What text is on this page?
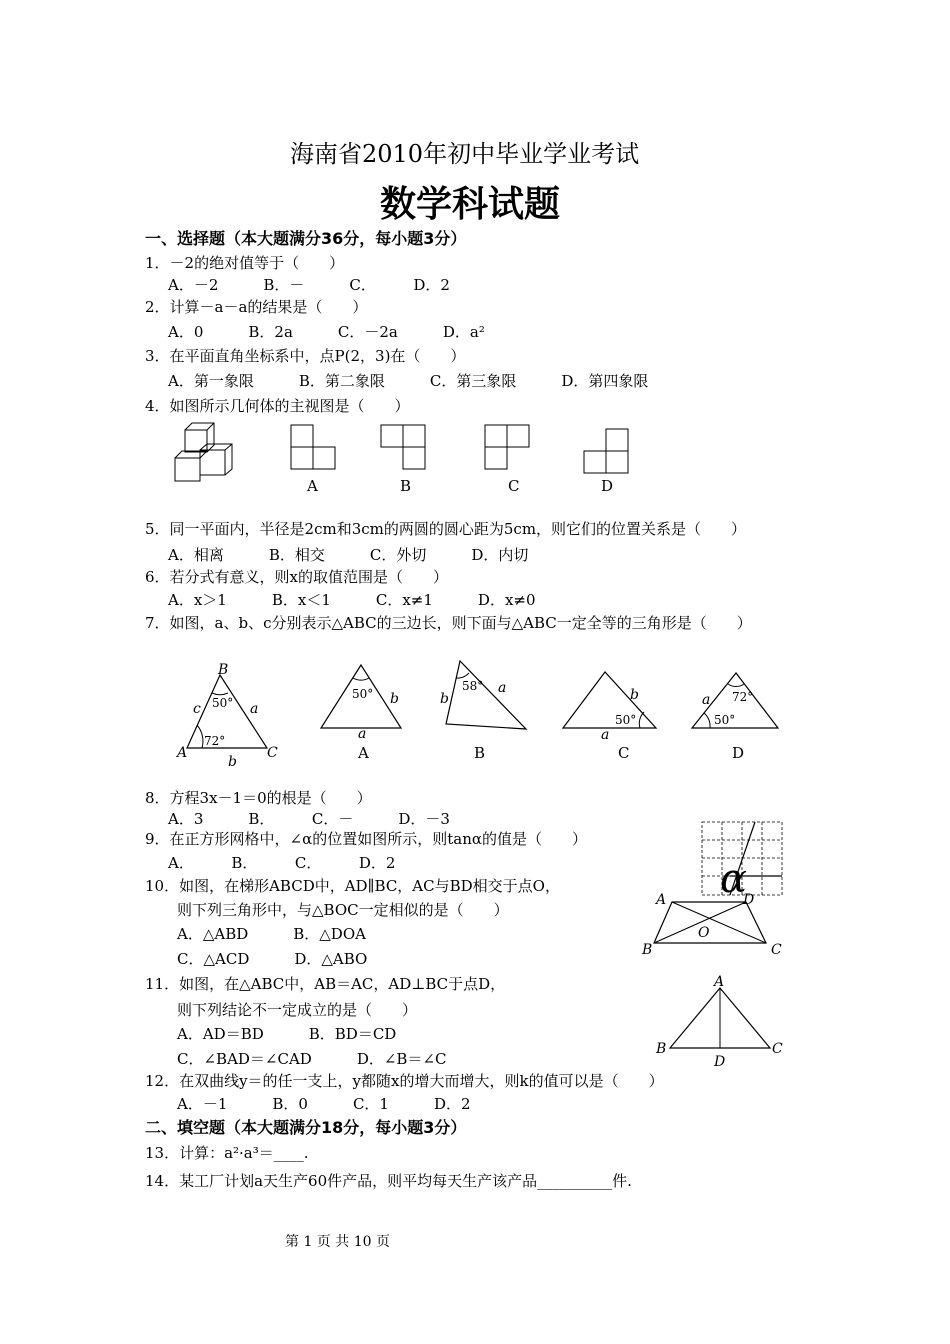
海南省2010年初中毕业学业考试
数学科试题
一、选择题（本大题满分36分，每小题3分）
1．－2的绝对值等于（　　）
A．－2　　　B．－　　　C．　　　D．2
2．计算－a－a的结果是（　　）
A．0　　　B．2a　　　C．－2a　　　D．a²
3．在平面直角坐标系中，点P(2，3)在（　　）
A．第一象限　　　B．第二象限　　　C．第三象限　　　D．第四象限
4．如图所示几何体的主视图是（　　）
A	B	C	D
5．同一平面内，半径是2cm和3cm的两圆的圆心距为5cm，则它们的位置关系是（　　）
A．相离　　　B．相交　　　C．外切　　　D．内切
6．若分式有意义，则x的取值范围是（　　）
A．x＞1　　　B．x＜1　　　C．x≠1　　　D．x≠0
7．如图，a、b、c分别表示△ABC的三边长，则下面与△ABC一定全等的三角形是（　　）
B
A	C
a
b
c 50°
72°
50° b
a
58° a
b	b
50°
a
72°
50°
a
A	B	C	D
8．方程3x－1＝0的根是（　　）
A．3　　　B．　　　C．－　　　D．－3
9．在正方形网格中，∠α的位置如图所示，则tanα的值是（　　）
A．　　　B．　　　C．　　　D．2	α
10．如图，在梯形ABCD中，AD∥BC，AC与BD相交于点O，
则下列三角形中，与△BOC一定相似的是（　　）
A．△ABD　　　B．△DOA
C．△ACD　　　D．△ABO
A	D
B	C
O
11．如图，在△ABC中，AB＝AC，AD⊥BC于点D，
则下列结论不一定成立的是（　　）
A．AD＝BD　　　B．BD＝CD
C．∠BAD＝∠CAD　　　D．∠B＝∠C
A
B	C
D
12．在双曲线y＝的任一支上，y都随x的增大而增大，则k的值可以是（　　）
A．－1　　　B．0　　　C．1　　　D．2
二、填空题（本大题满分18分，每小题3分）
13．计算：a²·a³＝____.
14．某工厂计划a天生产60件产品，则平均每天生产该产品__________件.
第 1 页 共 10 页
